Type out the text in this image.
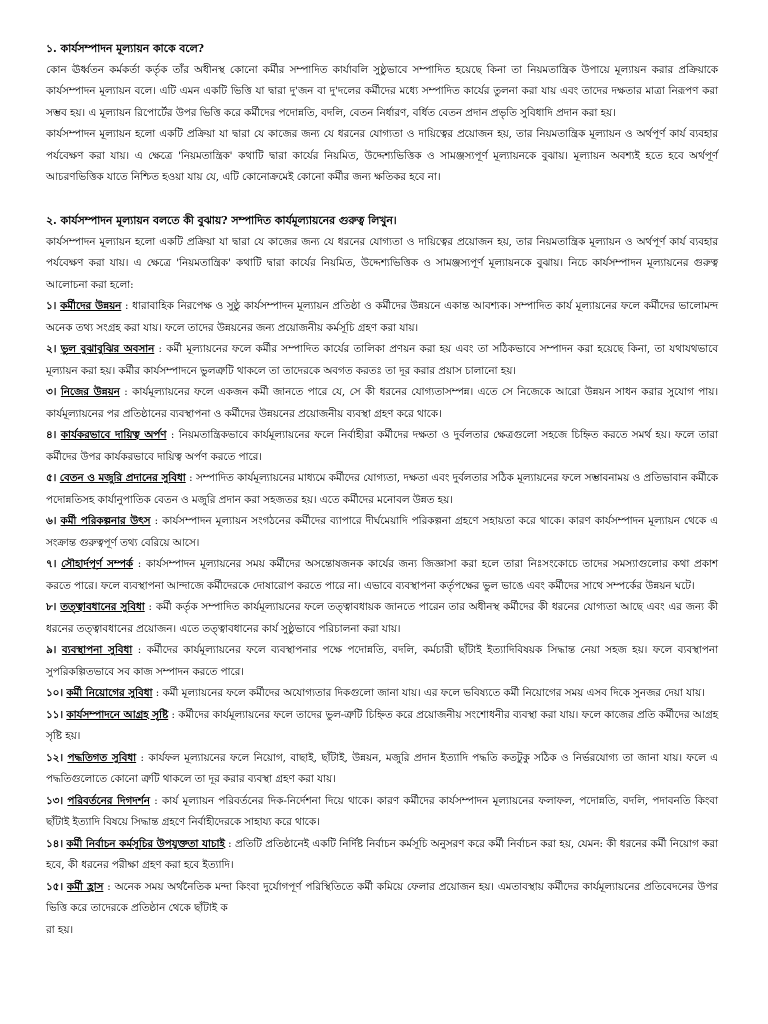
১. কার্যসম্পাদন মূল্যায়ন কাকে বলে?

কোন ঊর্ধ্বতন কর্মকর্তা কর্তৃক তাঁর অধীনস্থ কোনো কর্মীর সম্পাদিত কার্যাবলি সুষ্ঠুভাবে সম্পাদিত হয়েছে কিনা তা নিয়মতান্ত্রিক উপায়ে মূল্যায়ন করার প্রক্রিয়াকে কার্যসম্পাদন মূল্যায়ন বলে। এটি এমন একটি ভিত্তি যা দ্বারা দু'জন বা দু'দলের কর্মীদের মধ্যে সম্পাদিত কার্যের তুলনা করা যায় এবং তাদের দক্ষতার মাত্রা নিরূপণ করা সম্ভব হয়। এ মূল্যায়ন রিপোর্টের উপর ভিত্তি করে কর্মীদের পদোন্নতি, বদলি, বেতন নির্ধারণ, বর্ধিত বেতন প্রদান প্রভৃতি সুবিধাদি প্রদান করা হয়।

কার্যসম্পাদন মূল্যায়ন হলো একটি প্রক্রিয়া যা দ্বারা যে কাজের জন্য যে ধরনের যোগ্যতা ও দায়িত্বের প্রয়োজন হয়, তার নিয়মতান্ত্রিক মূল্যায়ন ও অর্থপূর্ণ কার্য ব্যবহার পর্যবেক্ষণ করা যায়। এ ক্ষেত্রে 'নিয়মতান্ত্রিক' কথাটি দ্বারা কার্যের নিয়মিত, উদ্দেশ্যভিত্তিক ও সামঞ্জস্যপূর্ণ মূল্যায়নকে বুঝায়। মূল্যায়ন অবশ্যই হতে হবে অর্থপূর্ণ আচরণভিত্তিক যাতে নিশ্চিত হওয়া যায় যে, এটি কোনোক্রমেই কোনো কর্মীর জন্য ক্ষতিকর হবে না।

২. কার্যসম্পাদন মূল্যায়ন বলতে কী বুঝায়? সম্পাদিত কার্যমূল্যায়নের গুরুত্ব লিখুন।

কার্যসম্পাদন মূল্যায়ন হলো একটি প্রক্রিয়া যা দ্বারা যে কাজের জন্য যে ধরনের যোগ্যতা ও দায়িত্বের প্রয়োজন হয়, তার নিয়মতান্ত্রিক মূল্যায়ন ও অর্থপূর্ণ কার্য ব্যবহার পর্যবেক্ষণ করা যায়। এ ক্ষেত্রে 'নিয়মতান্ত্রিক' কথাটি দ্বারা কার্যের নিয়মিত, উদ্দেশ্যভিত্তিক ও সামঞ্জস্যপূর্ণ মূল্যায়নকে বুঝায়। নিচে কার্যসম্পাদন মূল্যায়নের গুরুত্ব আলোচনা করা হলো:

১। কর্মীদের উন্নয়ন : ধারাবাহিক নিরপেক্ষ ও সুষ্ঠু কার্যসম্পাদন মূল্যায়ন প্রতিষ্ঠা ও কর্মীদের উন্নয়নে একান্ত আবশ্যক। সম্পাদিত কার্য মূল্যায়নের ফলে কর্মীদের ভালোমন্দ অনেক তথ্য সংগ্রহ করা যায়। ফলে তাদের উন্নয়নের জন্য প্রয়োজনীয় কর্মসূচি গ্রহণ করা যায়।

২। ভুল বুঝাবুঝির অবসান : কর্মী মূল্যায়নের ফলে কর্মীর সম্পাদিত কার্যের তালিকা প্রণয়ন করা হয় এবং তা সঠিকভাবে সম্পাদন করা হয়েছে কিনা, তা যথাযথভাবে মূল্যায়ন করা হয়। কর্মীর কার্যসম্পাদনে ভুলত্রুটি থাকলে তা তাদেরকে অবগত করতঃ তা দূর করার প্রয়াস চালানো হয়।

৩। নিজের উন্নয়ন : কার্যমূল্যায়নের ফলে একজন কর্মী জানতে পারে যে, সে কী ধরনের যোগ্যতাসম্পন্ন। এতে সে নিজেকে আরো উন্নয়ন সাধন করার সুযোগ পায়। কার্যমূল্যায়নের পর প্রতিষ্ঠানের ব্যবস্থাপনা ও কর্মীদের উন্নয়নের প্রয়োজনীয় ব্যবস্থা গ্রহণ করে থাকে।

৪। কার্যকরভাবে দায়িত্ব অর্পণ : নিয়মতান্ত্রিকভাবে কার্যমূল্যায়নের ফলে নির্বাহীরা কর্মীদের দক্ষতা ও দুর্বলতার ক্ষেত্রগুলো সহজে চিহ্নিত করতে সমর্থ হয়। ফলে তারা কর্মীদের উপর কার্যকরভাবে দায়িত্ব অর্পণ করতে পারে।

৫। বেতন ও মজুরি প্রদানের সুবিধা : সম্পাদিত কার্যমূল্যায়নের মাধ্যমে কর্মীদের যোগ্যতা, দক্ষতা এবং দুর্বলতার সঠিক মূল্যায়নের ফলে সম্ভাবনাময় ও প্রতিভাবান কর্মীকে পদোন্নতিসহ কার্যানুপাতিক বেতন ও মজুরি প্রদান করা সহজতর হয়। এতে কর্মীদের মনোবল উন্নত হয়।

৬। কর্মী পরিকল্পনার উৎস : কার্যসম্পাদন মূল্যায়ন সংগঠনের কর্মীদের ব্যাপারে দীর্ঘমেয়াদি পরিকল্পনা গ্রহণে সহায়তা করে থাকে। কারণ কার্যসম্পাদন মূল্যায়ন থেকে এ সংক্রান্ত গুরুত্বপূর্ণ তথ্য বেরিয়ে আসে।

৭। সৌহার্দপূর্ণ সম্পর্ক : কার্যসম্পাদন মূল্যায়নের সময় কর্মীদের অসন্তোষজনক কার্যের জন্য জিজ্ঞাসা করা হলে তারা নিঃসংকোচে তাদের সমস্যাগুলোর কথা প্রকাশ করতে পারে। ফলে ব্যবস্থাপনা আন্দাজে কর্মীদেরকে দোষারোপ করতে পারে না। এভাবে ব্যবস্থাপনা কর্তৃপক্ষের ভুল ভাঙে এবং কর্মীদের সাথে সম্পর্কের উন্নয়ন ঘটে।

৮। তত্ত্বাবধানের সুবিধা : কর্মী কর্তৃক সম্পাদিত কার্যমূল্যায়নের ফলে তত্ত্বাবধায়ক জানতে পারেন তার অধীনস্থ কর্মীদের কী ধরনের যোগ্যতা আছে এবং এর জন্য কী ধরনের তত্ত্বাবধানের প্রয়োজন। এতে তত্ত্বাবধানের কার্য সুষ্ঠুভাবে পরিচালনা করা যায়।

৯। ব্যবস্থাপনা সুবিধা : কর্মীদের কার্যমূল্যায়নের ফলে ব্যবস্থাপনার পক্ষে পদোন্নতি, বদলি, কর্মচারী ছাঁটাই ইত্যাদিবিষয়ক সিদ্ধান্ত নেয়া সহজ হয়। ফলে ব্যবস্থাপনা সুপরিকল্পিতভাবে সব কাজ সম্পাদন করতে পারে।

১০। কর্মী নিয়োগের সুবিধা : কর্মী মূল্যায়নের ফলে কর্মীদের অযোগ্যতার দিকগুলো জানা যায়। এর ফলে ভবিষ্যতে কর্মী নিয়োগের সময় এসব দিকে সুনজর দেয়া যায়।

১১। কার্যসম্পাদনে আগ্রহ সৃষ্টি : কর্মীদের কার্যমূল্যায়নের ফলে তাদের ভুল-ত্রুটি চিহ্নিত করে প্রয়োজনীয় সংশোধনীর ব্যবস্থা করা যায়। ফলে কাজের প্রতি কর্মীদের আগ্রহ সৃষ্টি হয়।

১২। পদ্ধতিগত সুবিধা : কার্যফল মূল্যায়নের ফলে নিয়োগ, বাছাই, ছাঁটাই, উন্নয়ন, মজুরি প্রদান ইত্যাদি পদ্ধতি কতটুকু সঠিক ও নির্ভরযোগ্য তা জানা যায়। ফলে এ পদ্ধতিগুলোতে কোনো ত্রুটি থাকলে তা দূর করার ব্যবস্থা গ্রহণ করা যায়।

১৩। পরিবর্তনের দিগদর্শন : কার্য মূল্যায়ন পরিবর্তনের দিক-নির্দেশনা দিয়ে থাকে। কারণ কর্মীদের কার্যসম্পাদন মূল্যায়নের ফলাফল, পদোন্নতি, বদলি, পদাবনতি কিংবা ছাঁটাই ইত্যাদি বিষয়ে সিদ্ধান্ত গ্রহণে নির্বাহীদেরকে সাহায্য করে থাকে।

১৪। কর্মী নির্বাচন কর্মসূচির উপযুক্ততা যাচাই : প্রতিটি প্রতিষ্ঠানেই একটি নির্দিষ্ট নির্বাচন কর্মসূচি অনুসরণ করে কর্মী নির্বাচন করা হয়, যেমন: কী ধরনের কর্মী নিয়োগ করা হবে, কী ধরনের পরীক্ষা গ্রহণ করা হবে ইত্যাদি।

১৫। কর্মী হ্রাস : অনেক সময় অর্থনৈতিক মন্দা কিংবা দুর্যোগপূর্ণ পরিস্থিতিতে কর্মী কমিয়ে ফেলার প্রয়োজন হয়। এমতাবস্থায় কর্মীদের কার্যমূল্যায়নের প্রতিবেদনের উপর ভিত্তি করে তাদেরকে প্রতিষ্ঠান থেকে ছাঁটাই ক

রা হয়।
